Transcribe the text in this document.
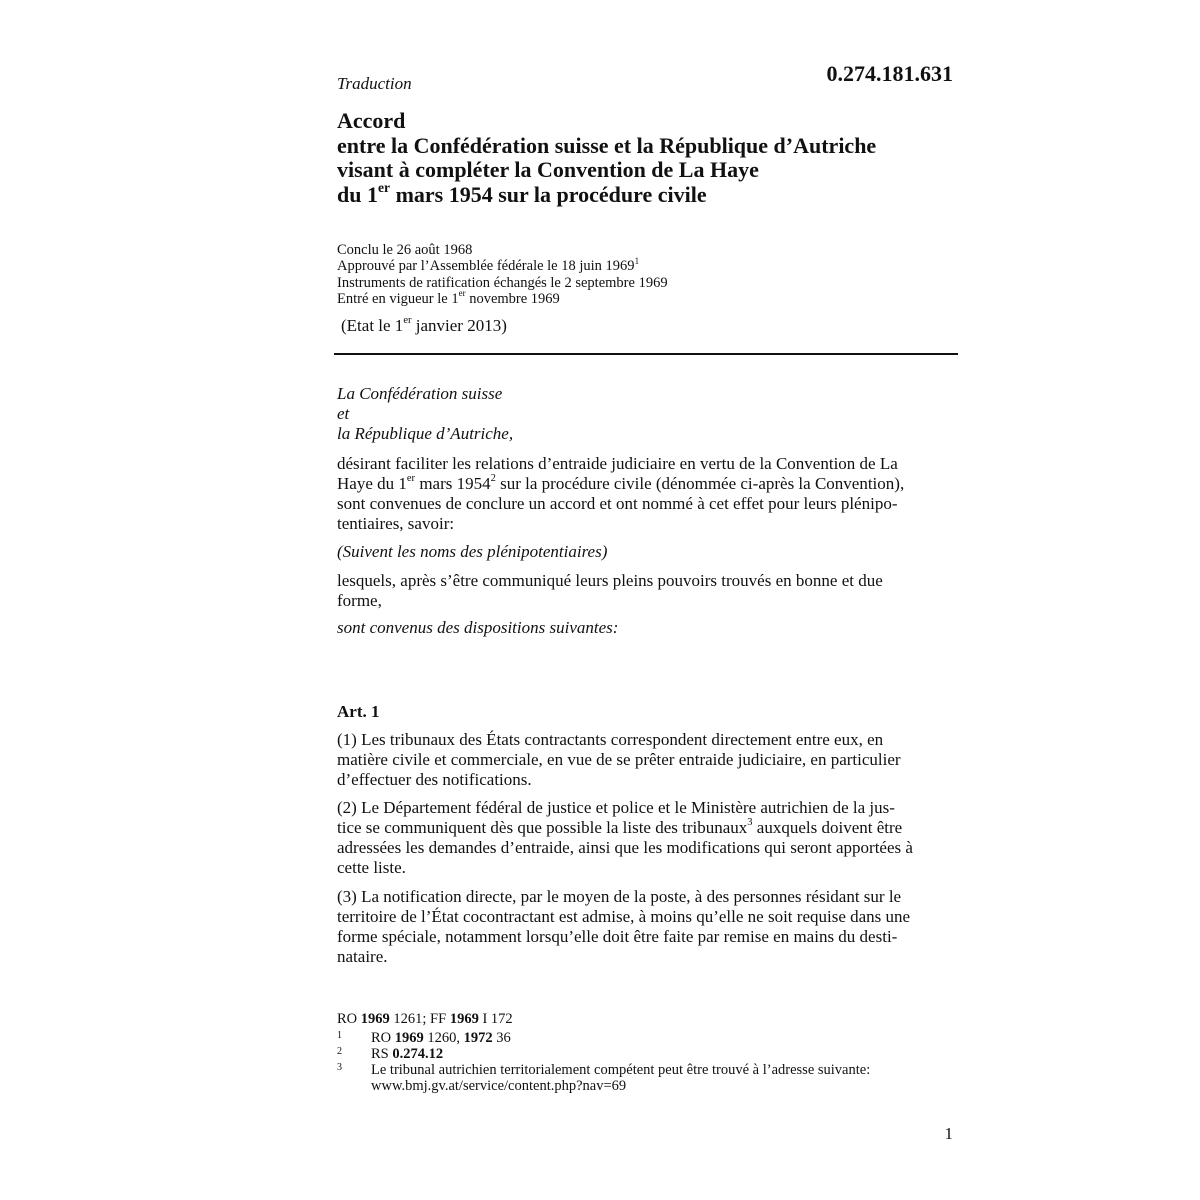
Traduction	0.274.181.631
Accord
entre la Confédération suisse et la République d’Autriche
visant à compléter la Convention de La Haye
du 1er mars 1954 sur la procédure civile
Conclu le 26 août 1968
Approuvé par l’Assemblée fédérale le 18 juin 1969$^1$
Instruments de ratification échangés le 2 septembre 1969
Entré en vigueur le 1er novembre 1969
(Etat le 1er janvier 2013)
La Confédération suisse
et
la République d’Autriche,
désirant faciliter les relations d’entraide judiciaire en vertu de la Convention de La
Haye du 1er mars 1954$^2$ sur la procédure civile (dénommée ci-après la Convention),
sont convenues de conclure un accord et ont nommé à cet effet pour leurs plénipo-
tentiaires, savoir:
(Suivent les noms des plénipotentiaires)
lesquels, après s’être communiqué leurs pleins pouvoirs trouvés en bonne et due
forme,
sont convenus des dispositions suivantes:
Art. 1
(1) Les tribunaux des États contractants correspondent directement entre eux, en
matière civile et commerciale, en vue de se prêter entraide judiciaire, en particulier
d’effectuer des notifications.
(2) Le Département fédéral de justice et police et le Ministère autrichien de la jus-
tice se communiquent dès que possible la liste des tribunaux$^3$ auxquels doivent être
adressées les demandes d’entraide, ainsi que les modifications qui seront apportées à
cette liste.
(3) La notification directe, par le moyen de la poste, à des personnes résidant sur le
territoire de l’État cocontractant est admise, à moins qu’elle ne soit requise dans une
forme spéciale, notamment lorsqu’elle doit être faite par remise en mains du desti-
nataire.
RO 1969 1261; FF 1969 I 172
1	RO 1969 1260, 1972 36
2	RS 0.274.12
3	Le tribunal autrichien territorialement compétent peut être trouvé à l’adresse suivante:
www.bmj.gv.at/service/content.php?nav=69
1
